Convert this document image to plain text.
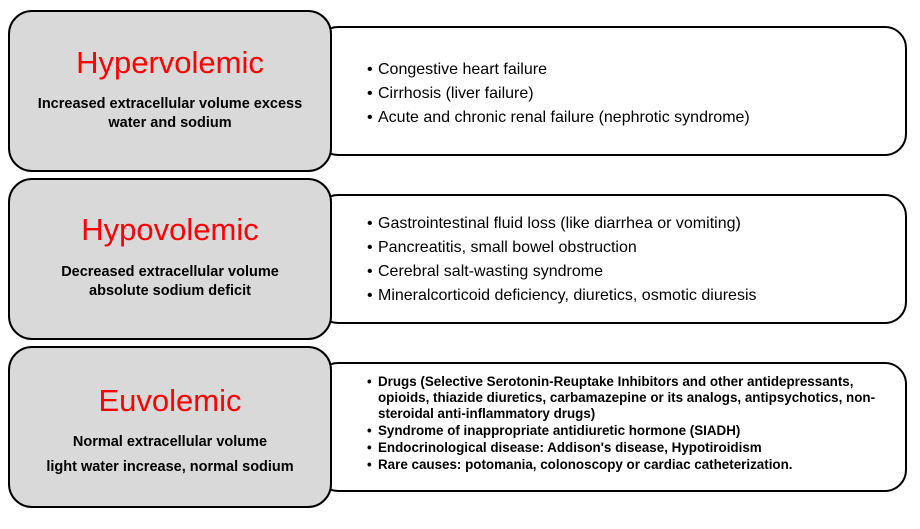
• Congestive heart failure
• Cirrhosis (liver failure)
• Acute and chronic renal failure (nephrotic syndrome)
Hypervolemic
Increased extracellular volume excess
water and sodium
• Gastrointestinal fluid loss (like diarrhea or vomiting)
• Pancreatitis, small bowel obstruction
• Cerebral salt-wasting syndrome
• Mineralcorticoid deficiency, diuretics, osmotic diuresis
Hypovolemic
Decreased extracellular volume
absolute sodium deficit
• Drugs (Selective Serotonin-Reuptake Inhibitors and other antidepressants, opioids, thiazide diuretics, carbamazepine or its analogs, antipsychotics, non-steroidal anti-inflammatory drugs)
• Syndrome of inappropriate antidiuretic hormone (SIADH)
• Endocrinological disease: Addison's disease, Hypotiroidism
• Rare causes: potomania, colonoscopy or cardiac catheterization.
Euvolemic
Normal extracellular volume
light water increase, normal sodium
